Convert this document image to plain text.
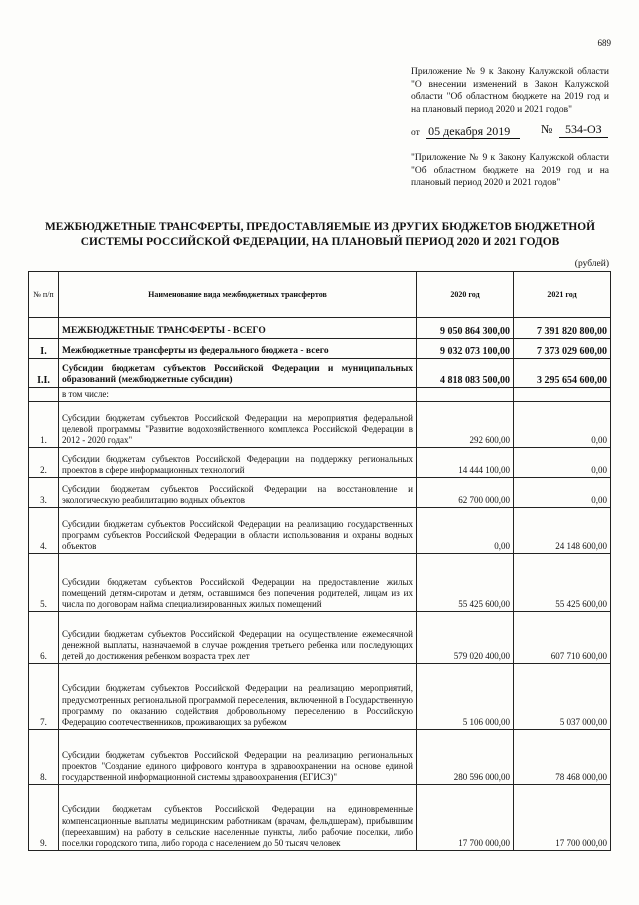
689
Приложение № 9 к Закону Калужской области "О внесении изменений в Закон Калужской области "Об областном бюджете на 2019 год и на плановый период 2020 и 2021 годов"
от 05 декабря 2019	№	534-ОЗ
"Приложение № 9 к Закону Калужской области "Об областном бюджете на 2019 год и на плановый период 2020 и 2021 годов"
МЕЖБЮДЖЕТНЫЕ ТРАНСФЕРТЫ, ПРЕДОСТАВЛЯЕМЫЕ ИЗ ДРУГИХ БЮДЖЕТОВ БЮДЖЕТНОЙ
СИСТЕМЫ РОССИЙСКОЙ ФЕДЕРАЦИИ, НА ПЛАНОВЫЙ ПЕРИОД 2020 И 2021 ГОДОВ
(рублей)
№ п/п	Наименование вида межбюджетных трансфертов	2020 год	2021 год
	МЕЖБЮДЖЕТНЫЕ ТРАНСФЕРТЫ - ВСЕГО	9 050 864 300,00	7 391 820 800,00
I.	Межбюджетные трансферты из федерального бюджета - всего	9 032 073 100,00	7 373 029 600,00
I.I.	Субсидии бюджетам субъектов Российской Федерации и муниципальных образований (межбюджетные субсидии)	4 818 083 500,00	3 295 654 600,00
	в том числе:		
1.	Субсидии бюджетам субъектов Российской Федерации на мероприятия федеральной целевой программы "Развитие водохозяйственного комплекса Российской Федерации в 2012 - 2020 годах"	292 600,00	0,00
2.	Субсидии бюджетам субъектов Российской Федерации на поддержку региональных проектов в сфере информационных технологий	14 444 100,00	0,00
3.	Субсидии бюджетам субъектов Российской Федерации на восстановление и экологическую реабилитацию водных объектов	62 700 000,00	0,00
4.	Субсидии бюджетам субъектов Российской Федерации на реализацию государственных программ субъектов Российской Федерации в области использования и охраны водных объектов	0,00	24 148 600,00
5.	Субсидии бюджетам субъектов Российской Федерации на предоставление жилых помещений детям-сиротам и детям, оставшимся без попечения родителей, лицам из их числа по договорам найма специализированных жилых помещений	55 425 600,00	55 425 600,00
6.	Субсидии бюджетам субъектов Российской Федерации на осуществление ежемесячной денежной выплаты, назначаемой в случае рождения третьего ребенка или последующих детей до достижения ребенком возраста трех лет	579 020 400,00	607 710 600,00
7.	Субсидии бюджетам субъектов Российской Федерации на реализацию мероприятий, предусмотренных региональной программой переселения, включенной в Государственную программу по оказанию содействия добровольному переселению в Российскую Федерацию соотечественников, проживающих за рубежом	5 106 000,00	5 037 000,00
8.	Субсидии бюджетам субъектов Российской Федерации на реализацию региональных проектов "Создание единого цифрового контура в здравоохранении на основе единой государственной информационной системы здравоохранения (ЕГИСЗ)"	280 596 000,00	78 468 000,00
9.	Субсидии бюджетам субъектов Российской Федерации на единовременные компенсационные выплаты медицинским работникам (врачам, фельдшерам), прибывшим (переехавшим) на работу в сельские населенные пункты, либо рабочие поселки, либо поселки городского типа, либо города с населением до 50 тысяч человек	17 700 000,00	17 700 000,00
